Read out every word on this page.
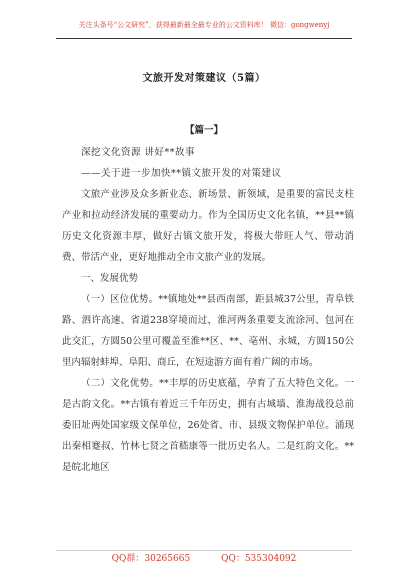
关注头条号“公文研究”，获得最新最全最专业的公文资料库！ 微信：gongwenyj
文旅开发对策建议（5篇）
【篇一】

深挖文化资源 讲好**故事

——关于进一步加快**镇文旅开发的对策建议

文旅产业涉及众多新业态、新场景、新领域，是重要的富民支柱产业和拉动经济发展的重要动力。作为全国历史文化名镇，**县**镇历史文化资源丰厚，做好古镇文旅开发，将极大带旺人气、带动消费、带活产业，更好地推动全市文旅产业的发展。

一、发展优势

（一）区位优势。**镇地处**县西南部，距县城37公里，青阜铁路、泗许高速、省道238穿境而过，淮河两条重要支流涂河、包河在此交汇，方圆50公里可覆盖至淮**区、**、亳州、永城，方圆150公里内辐射蚌埠、阜阳、商丘，在短途游方面有着广阔的市场。

（二）文化优势。**丰厚的历史底蕴，孕育了五大特色文化。一是古韵文化。**古镇有着近三千年历史，拥有古城墙、淮海战役总前委旧址两处国家级文保单位，26处省、市、县级文物保护单位。涌现出秦相蹇叔、竹林七贤之首嵇康等一批历史名人。二是红韵文化。**是皖北地区

QQ群：30265665	QQ：535304092
